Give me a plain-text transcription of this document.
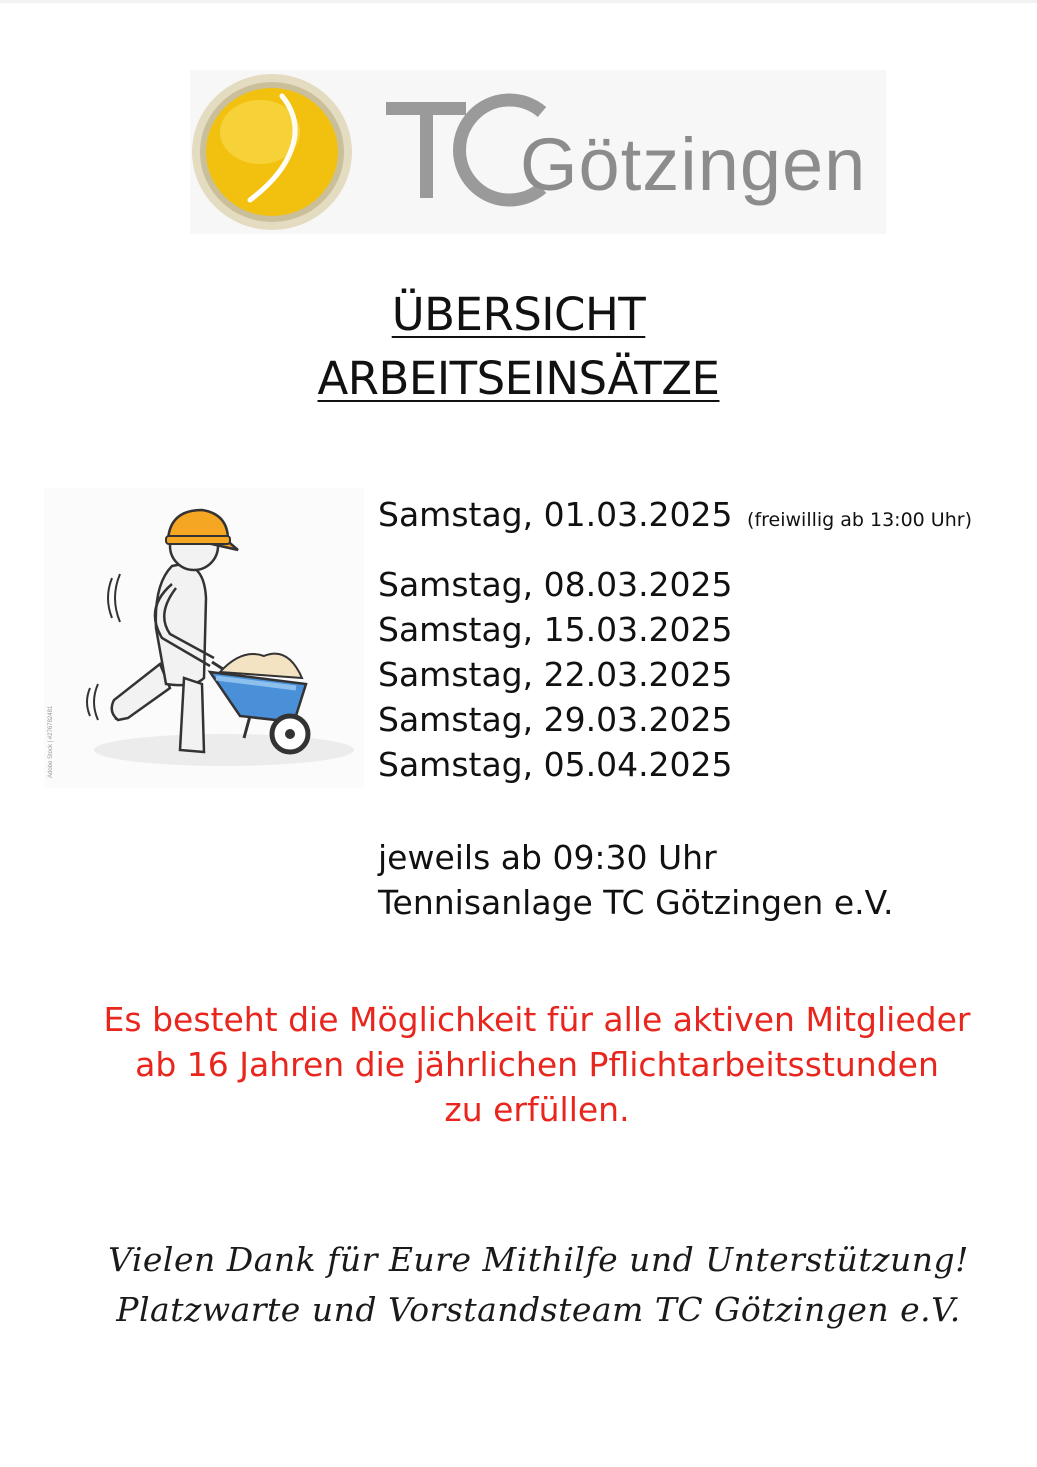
Götzingen
ÜBERSICHT
ARBEITSEINSÄTZE
Adobe Stock | #276782481
Samstag, 01.03.2025 (freiwillig ab 13:00 Uhr)
Samstag, 08.03.2025
Samstag, 15.03.2025
Samstag, 22.03.2025
Samstag, 29.03.2025
Samstag, 05.04.2025
jeweils ab 09:30 Uhr
Tennisanlage TC Götzingen e.V.
Es besteht die Möglichkeit für alle aktiven Mitglieder
ab 16 Jahren die jährlichen Pflichtarbeitsstunden
zu erfüllen.
Vielen Dank für Eure Mithilfe und Unterstützung!
Platzwarte und Vorstandsteam TC Götzingen e.V.
